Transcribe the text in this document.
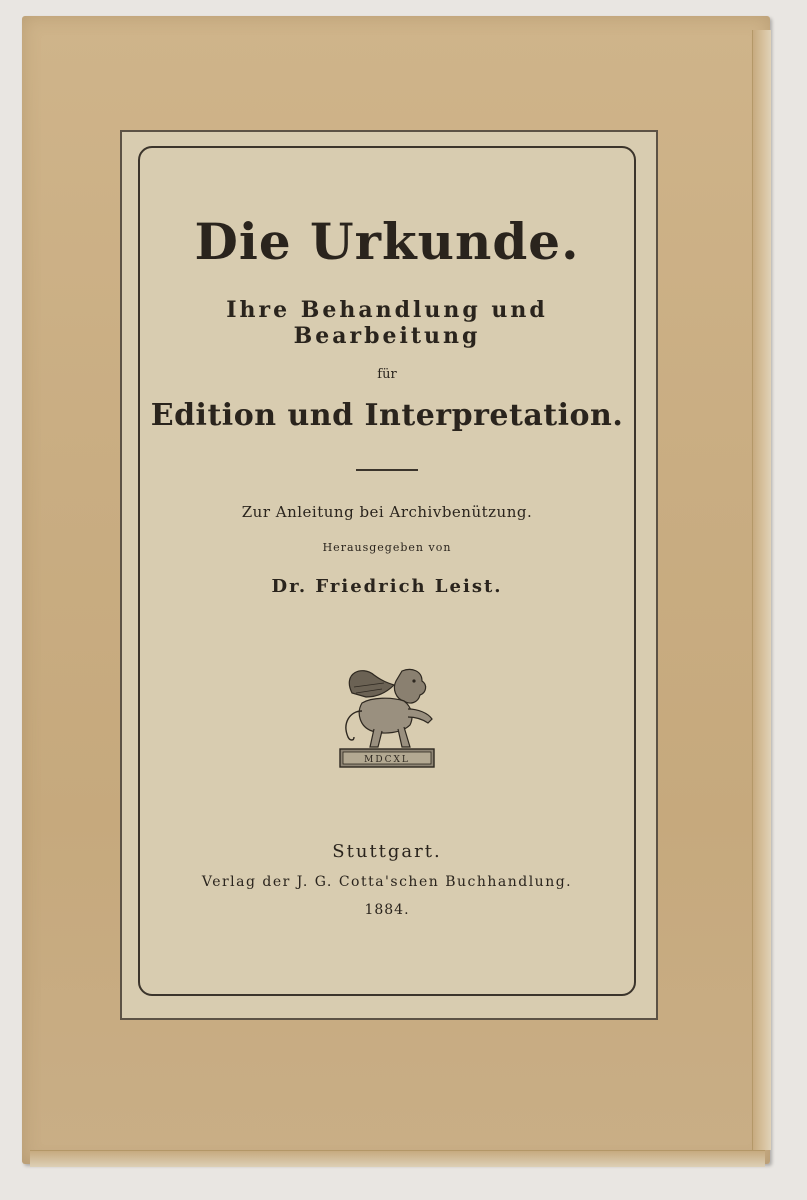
Die Urkunde.
Ihre Behandlung und Bearbeitung
für
Edition und Interpretation.
Zur Anleitung bei Archivbenützung.
Herausgegeben von
Dr. Friedrich Leist.
MDCXL
Stuttgart.
Verlag der J. G. Cotta'schen Buchhandlung.
1884.
